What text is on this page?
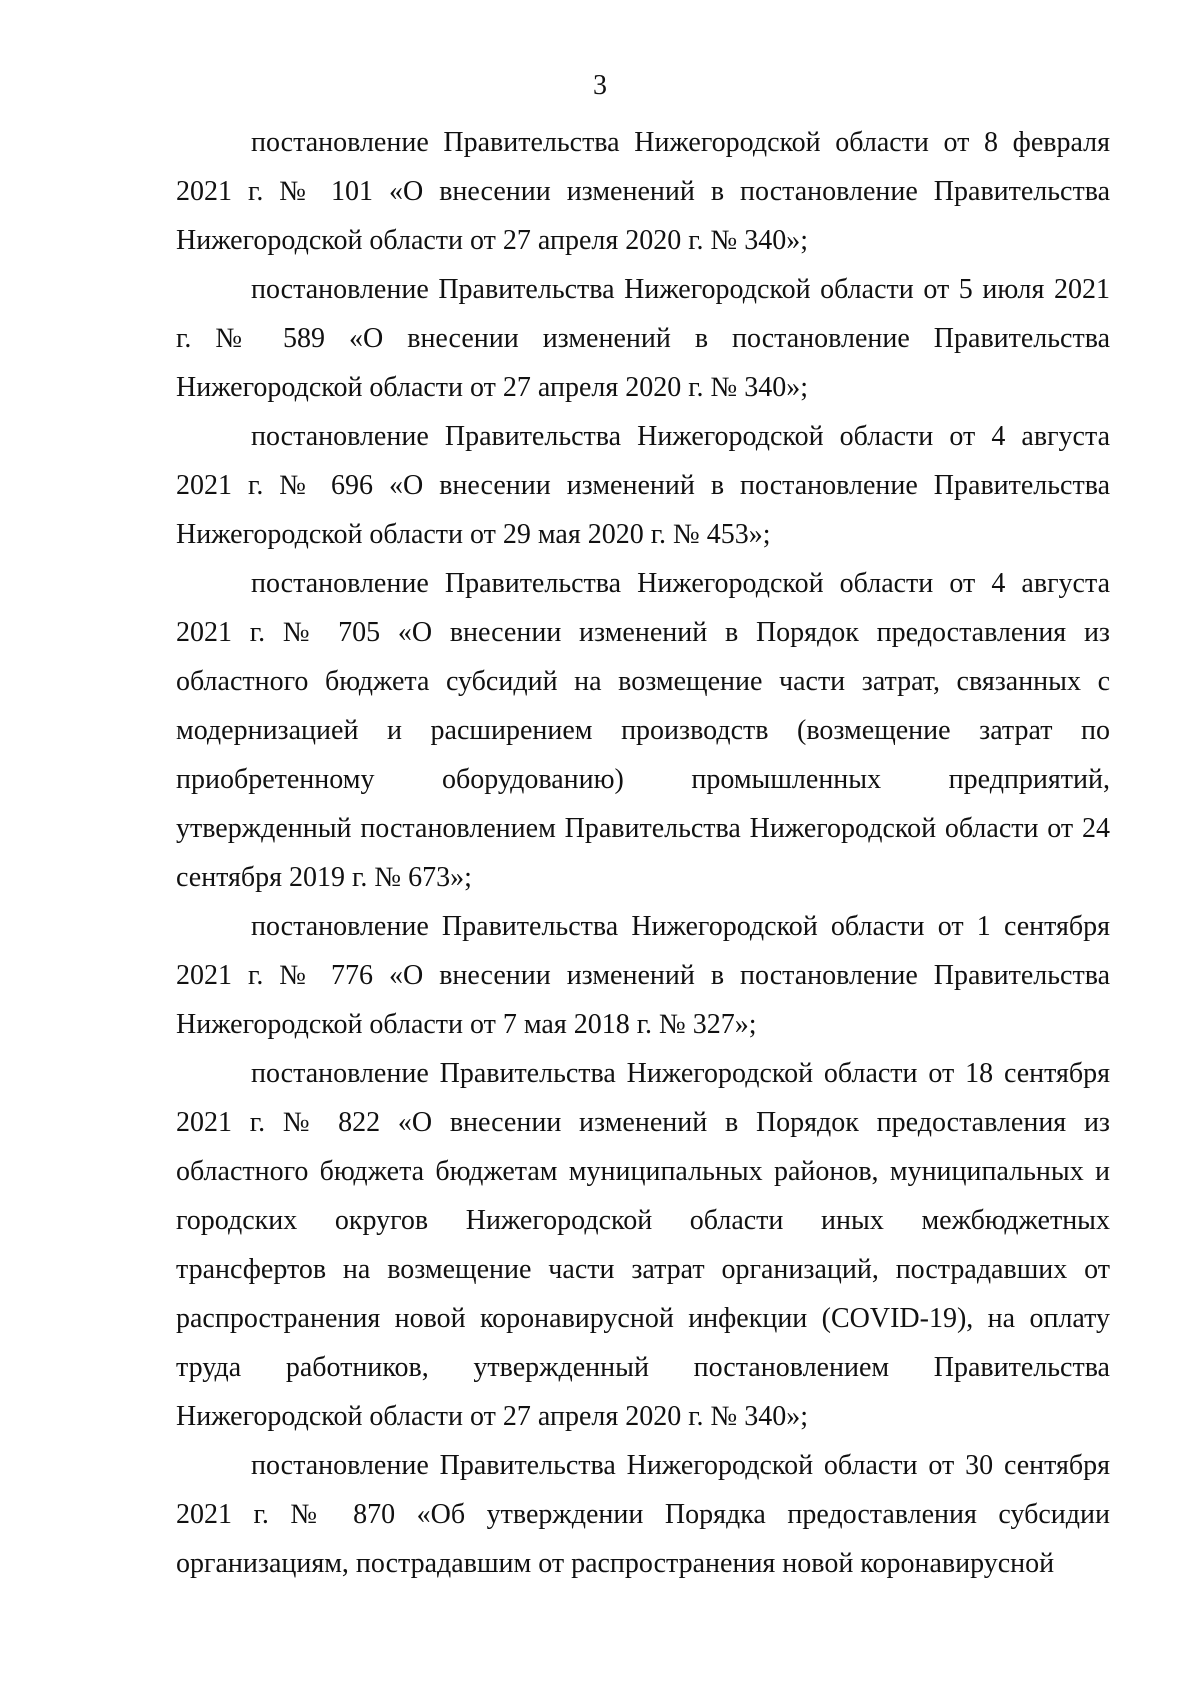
3

постановление Правительства Нижегородской области от 8 февраля 2021 г. № 101 «О внесении изменений в постановление Правительства Нижегородской области от 27 апреля 2020 г. № 340»;

постановление Правительства Нижегородской области от 5 июля 2021 г. № 589 «О внесении изменений в постановление Правительства Нижегородской области от 27 апреля 2020 г. № 340»;

постановление Правительства Нижегородской области от 4 августа 2021 г. № 696 «О внесении изменений в постановление Правительства Нижегородской области от 29 мая 2020 г. № 453»;

постановление Правительства Нижегородской области от 4 августа 2021 г. № 705 «О внесении изменений в Порядок предоставления из областного бюджета субсидий на возмещение части затрат, связанных с модернизацией и расширением производств (возмещение затрат по приобретенному оборудованию) промышленных предприятий, утвержденный постановлением Правительства Нижегородской области от 24 сентября 2019 г. № 673»;

постановление Правительства Нижегородской области от 1 сентября 2021 г. № 776 «О внесении изменений в постановление Правительства Нижегородской области от 7 мая 2018 г. № 327»;

постановление Правительства Нижегородской области от 18 сентября 2021 г. № 822 «О внесении изменений в Порядок предоставления из областного бюджета бюджетам муниципальных районов, муниципальных и городских округов Нижегородской области иных межбюджетных трансфертов на возмещение части затрат организаций, пострадавших от распространения новой коронавирусной инфекции (COVID-19), на оплату труда работников, утвержденный постановлением Правительства Нижегородской области от 27 апреля 2020 г. № 340»;

постановление Правительства Нижегородской области от 30 сентября 2021 г. № 870 «Об утверждении Порядка предоставления субсидии организациям, пострадавшим от распространения новой коронавирусной
